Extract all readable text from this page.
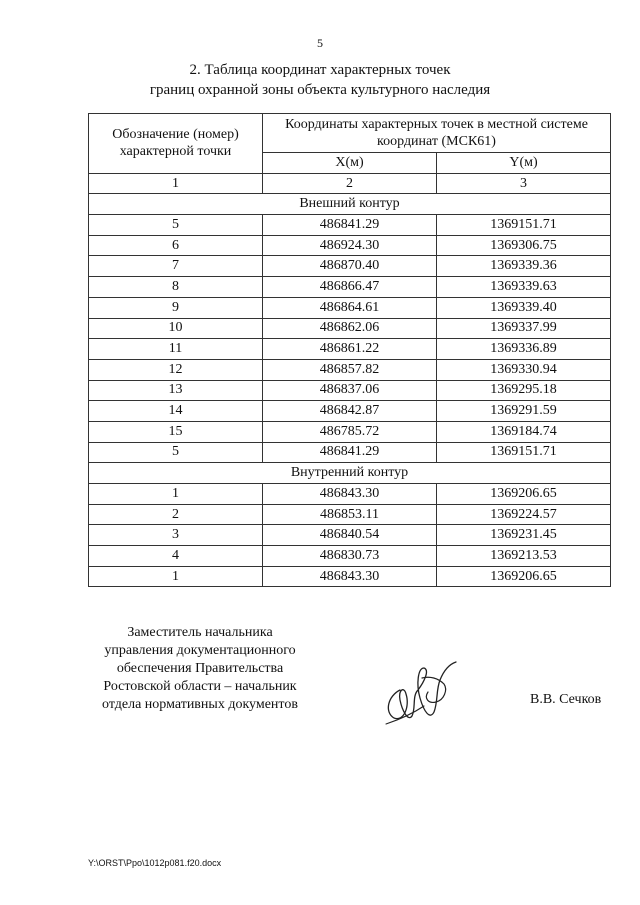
5
2. Таблица координат характерных точек
границ охранной зоны объекта культурного наследия
Обозначение (номер) характерной точки	Координаты характерных точек в местной системе координат (МСК61)	
	X(м)	Y(м)
1	2	3
Внешний контур		
5	486841.29	1369151.71
6	486924.30	1369306.75
7	486870.40	1369339.36
8	486866.47	1369339.63
9	486864.61	1369339.40
10	486862.06	1369337.99
11	486861.22	1369336.89
12	486857.82	1369330.94
13	486837.06	1369295.18
14	486842.87	1369291.59
15	486785.72	1369184.74
5	486841.29	1369151.71
Внутренний контур		
1	486843.30	1369206.65
2	486853.11	1369224.57
3	486840.54	1369231.45
4	486830.73	1369213.53
1	486843.30	1369206.65
Заместитель начальника
управления документационного
обеспечения Правительства
Ростовской области – начальник
отдела нормативных документов	В.В. Сечков
Y:\ORST\Ppo\1012p081.f20.docx
